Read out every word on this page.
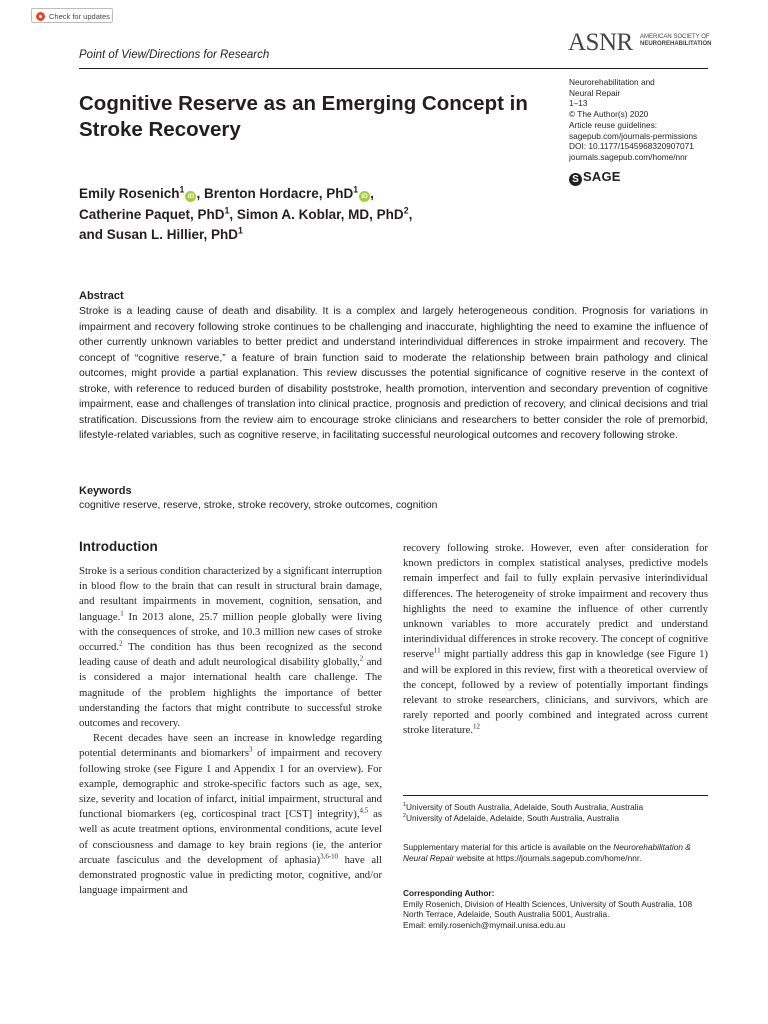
Check for updates
Point of View/Directions for Research	ASNR AMERICAN SOCIETY OF
NEUROREHABILITATION
Cognitive Reserve as an Emerging Concept in Stroke Recovery
Neurorehabilitation and
Neural Repair
1–13
© The Author(s) 2020
Article reuse guidelines:
sagepub.com/journals-permissions
DOI: 10.1177/1545968320907071
journals.sagepub.com/home/nnr
S SAGE
Emily Rosenich$^1$iD , Brenton Hordacre, PhD$^1$iD ,
Catherine Paquet, PhD$^1$, Simon A. Koblar, MD, PhD$^2$,
and Susan L. Hillier, PhD$^1$
Abstract
Stroke is a leading cause of death and disability. It is a complex and largely heterogeneous condition. Prognosis for variations in impairment and recovery following stroke continues to be challenging and inaccurate, highlighting the need to examine the influence of other currently unknown variables to better predict and understand interindividual differences in stroke impairment and recovery. The concept of “cognitive reserve,” a feature of brain function said to moderate the relationship between brain pathology and clinical outcomes, might provide a partial explanation. This review discusses the potential significance of cognitive reserve in the context of stroke, with reference to reduced burden of disability poststroke, health promotion, intervention and secondary prevention of cognitive impairment, ease and challenges of translation into clinical practice, prognosis and prediction of recovery, and clinical decisions and trial stratification. Discussions from the review aim to encourage stroke clinicians and researchers to better consider the role of premorbid, lifestyle-related variables, such as cognitive reserve, in facilitating successful neurological outcomes and recovery following stroke.
Keywords
cognitive reserve, reserve, stroke, stroke recovery, stroke outcomes, cognition
Introduction

Stroke is a serious condition characterized by a significant interruption in blood flow to the brain that can result in structural brain damage, and resultant impairments in movement, cognition, sensation, and language.$^1$ In 2013 alone, 25.7 million people globally were living with the consequences of stroke, and 10.3 million new cases of stroke occurred.$^2$ The condition has thus been recognized as the second leading cause of death and adult neurological disability globally,$^2$ and is considered a major international health care challenge. The magnitude of the problem highlights the importance of better understanding the factors that might contribute to successful stroke outcomes and recovery.

Recent decades have seen an increase in knowledge regarding potential determinants and biomarkers$^3$ of impairment and recovery following stroke (see Figure 1 and Appendix 1 for an overview). For example, demographic and stroke-specific factors such as age, sex, size, severity and location of infarct, initial impairment, structural and functional biomarkers (eg, corticospinal tract [CST] integrity),$^{4,5}$ as well as acute treatment options, environmental conditions, acute level of consciousness and damage to key brain regions (ie, the anterior arcuate fasciculus and the development of aphasia)$^{3,6-10}$ have all demonstrated prognostic value in predicting motor, cognitive, and/or language impairment and

recovery following stroke. However, even after consideration for known predictors in complex statistical analyses, predictive models remain imperfect and fail to fully explain pervasive interindividual differences. The heterogeneity of stroke impairment and recovery thus highlights the need to examine the influence of other currently unknown variables to more accurately predict and understand interindividual differences in stroke recovery. The concept of cognitive reserve$^{11}$ might partially address this gap in knowledge (see Figure 1) and will be explored in this review, first with a theoretical overview of the concept, followed by a review of potentially important findings relevant to stroke researchers, clinicians, and survivors, which are rarely reported and poorly combined and integrated across current stroke literature.$^{12}$

$^1$University of South Australia, Adelaide, South Australia, Australia
$^2$University of Adelaide, Adelaide, South Australia, Australia
Supplementary material for this article is available on the Neurorehabilitation & Neural Repair website at https://journals.sagepub.com/home/nnr.
Corresponding Author:
Emily Rosenich, Division of Health Sciences, University of South Australia, 108 North Terrace, Adelaide, South Australia 5001, Australia.
Email: emily.rosenich@mymail.unisa.edu.au
